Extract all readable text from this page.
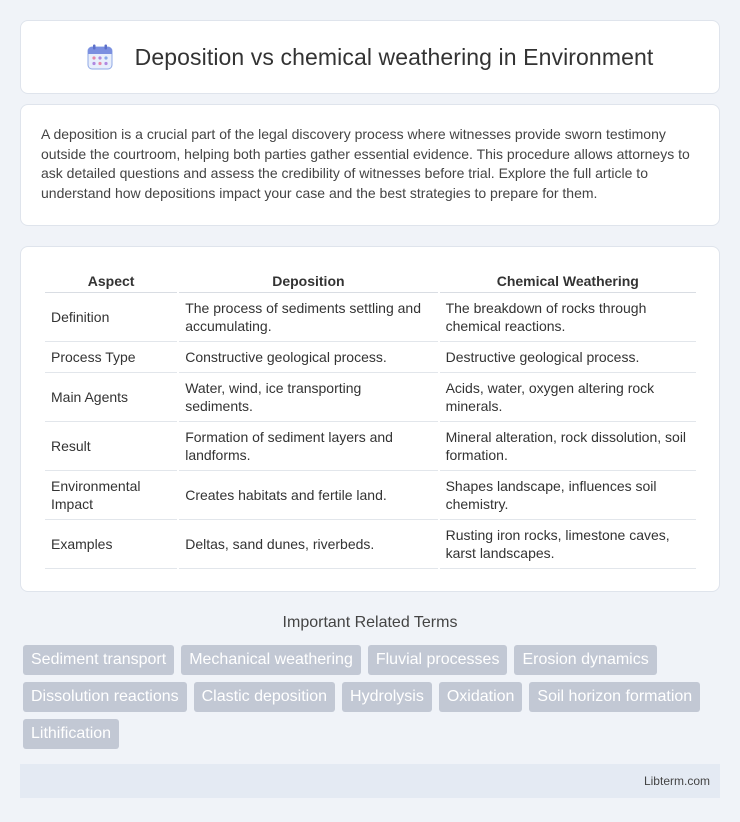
Deposition vs chemical weathering in Environment

A deposition is a crucial part of the legal discovery process where witnesses provide sworn testimony outside the courtroom, helping both parties gather essential evidence. This procedure allows attorneys to ask detailed questions and assess the credibility of witnesses before trial. Explore the full article to understand how depositions impact your case and the best strategies to prepare for them.

Aspect	Deposition	Chemical Weathering
Definition	The process of sediments settling and accumulating.	The breakdown of rocks through chemical reactions.
Process Type	Constructive geological process.	Destructive geological process.
Main Agents	Water, wind, ice transporting sediments.	Acids, water, oxygen altering rock minerals.
Result	Formation of sediment layers and landforms.	Mineral alteration, rock dissolution, soil formation.
Environmental Impact	Creates habitats and fertile land.	Shapes landscape, influences soil chemistry.
Examples	Deltas, sand dunes, riverbeds.	Rusting iron rocks, limestone caves, karst landscapes.
Important Related Terms
Sediment transport	Mechanical weathering	Fluvial processes	Erosion dynamics
Dissolution reactions	Clastic deposition	Hydrolysis	Oxidation	Soil horizon formation
Lithification
Libterm.com
